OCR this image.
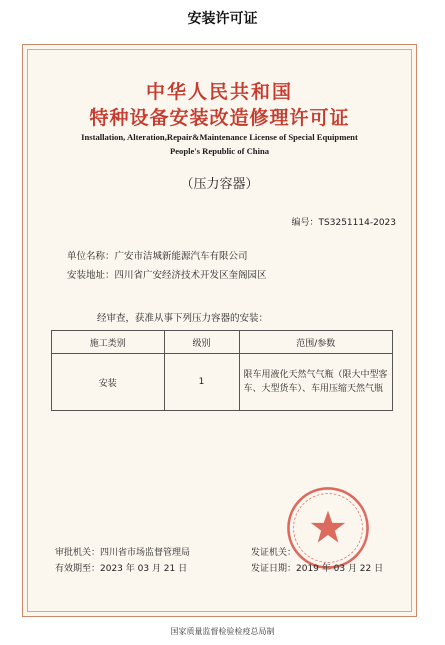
安装许可证
中华人民共和国
特种设备安装改造修理许可证
Installation, Alteration,Repair&Maintenance License of Special Equipment
People's Republic of China
（压力容器）
编号：TS3251114-2023
单位名称：广安市洁城新能源汽车有限公司
安装地址：四川省广安经济技术开发区奎阁园区
经审查，获准从事下列压力容器的安装：
施工类别	级别	范围/参数
安装	1	限车用液化天然气气瓶（限大中型客车、大型货车）、车用压缩天然气瓶
审批机关：四川省市场监督管理局
有效期至：2023 年 03 月 21 日
发证机关：
发证日期：2019 年 03 月 22 日
国家质量监督检验检疫总局制
